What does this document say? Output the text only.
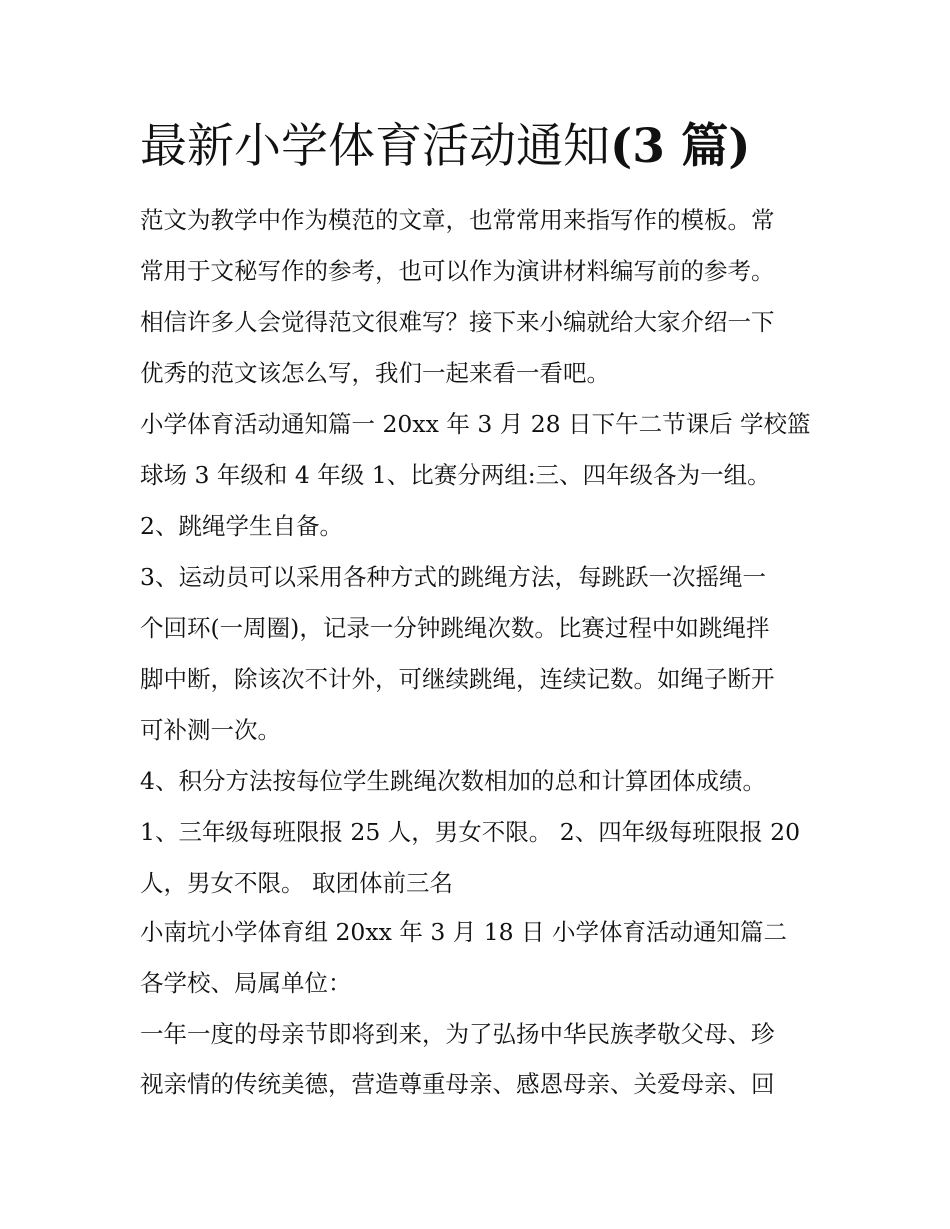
最新小学体育活动通知(3 篇)

范文为教学中作为模范的文章，也常常用来指写作的模板。常

常用于文秘写作的参考，也可以作为演讲材料编写前的参考。

相信许多人会觉得范文很难写？接下来小编就给大家介绍一下

优秀的范文该怎么写，我们一起来看一看吧。

小学体育活动通知篇一 20xx 年 3 月 28 日下午二节课后 学校篮

球场 3 年级和 4 年级 1、比赛分两组:三、四年级各为一组。

2、跳绳学生自备。

3、运动员可以采用各种方式的跳绳方法，每跳跃一次摇绳一

个回环(一周圈)，记录一分钟跳绳次数。比赛过程中如跳绳拌

脚中断，除该次不计外，可继续跳绳，连续记数。如绳子断开

可补测一次。

4、积分方法按每位学生跳绳次数相加的总和计算团体成绩。

1、三年级每班限报 25 人，男女不限。 2、四年级每班限报 20

人，男女不限。 取团体前三名

小南坑小学体育组 20xx 年 3 月 18 日 小学体育活动通知篇二

各学校、局属单位：

一年一度的母亲节即将到来，为了弘扬中华民族孝敬父母、珍

视亲情的传统美德，营造尊重母亲、感恩母亲、关爱母亲、回
